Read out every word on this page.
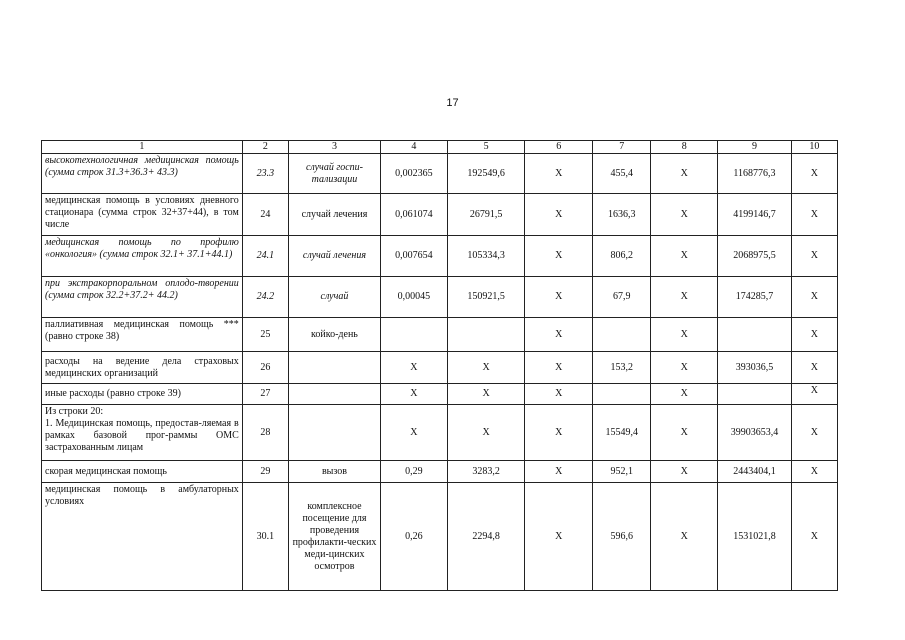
17
1	2	3	4	5	6	7	8	9	10
высокотехнологичная медицинская помощь (сумма строк 31.3+36.3+ 43.3)	23.3	случай госпи-тализации	0,002365	192549,6	Х	455,4	Х	1168776,3	Х
медицинская помощь в условиях дневного стационара (сумма строк 32+37+44), в том числе	24	случай лечения	0,061074	26791,5	Х	1636,3	Х	4199146,7	Х
медицинская помощь по профилю «онкология» (сумма строк 32.1+ 37.1+44.1)	24.1	случай лечения	0,007654	105334,3	Х	806,2	Х	2068975,5	Х
при экстракорпоральном оплодо-творении (сумма строк 32.2+37.2+ 44.2)	24.2	случай	0,00045	150921,5	Х	67,9	Х	174285,7	Х
паллиативная медицинская помощь *** (равно строке 38)	25	койко-день			Х		Х		Х
расходы на ведение дела страховых медицинских организаций	26		Х	Х	Х	153,2	Х	393036,5	Х
иные расходы (равно строке 39)	27		Х	Х	Х		Х		Х

Из строки 20:
1. Медицинская помощь, предостав-ляемая в рамках базовой прог-раммы ОМС застрахованным лицам	28		Х	Х	Х	15549,4	Х	39903653,4	Х
скорая медицинская помощь	29	вызов	0,29	3283,2	Х	952,1	Х	2443404,1	Х
медицинская помощь в амбулаторных условиях	30.1	комплексное посещение для проведения профилакти-ческих меди-цинских осмотров	0,26	2294,8	Х	596,6	Х	1531021,8	Х
